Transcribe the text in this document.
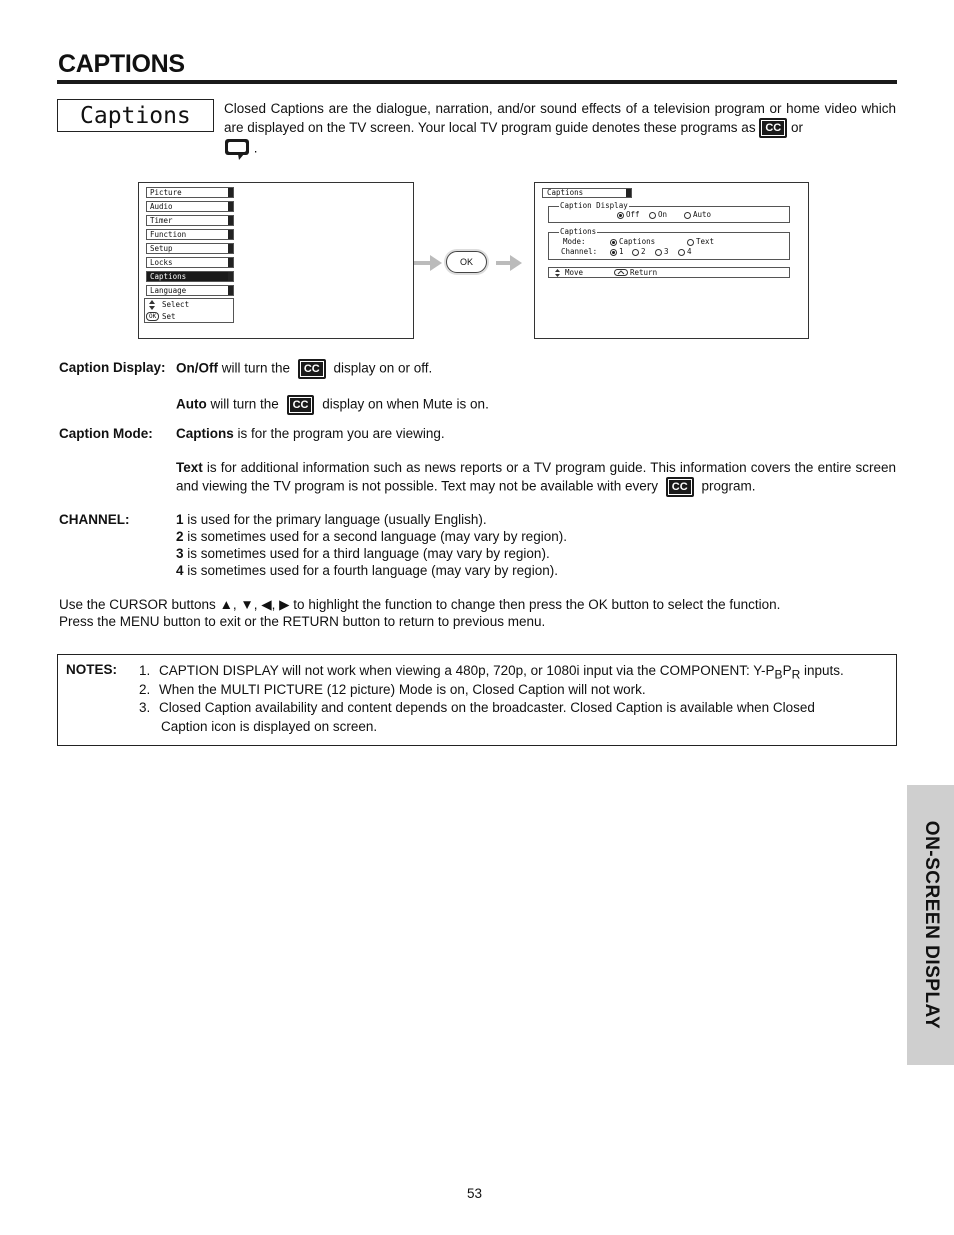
CAPTIONS
Captions	Closed Captions are the dialogue, narration, and/or sound effects of a television program or home video which are displayed on the TV screen. Your local TV program guide denotes these programs as CC or
.
Picture
Audio
Timer
Function
Setup
Locks
Captions
Language
Select
OK Set
OK
Captions
Caption Display
Off	On	Auto
Captions
Mode:	Captions	Text
Channel:	1	2	3	4
Move	Return
Caption Display: On/Off will turn the CC display on or off.
Auto will turn the CC display on when Mute is on.
Caption Mode: Captions is for the program you are viewing.
Text is for additional information such as news reports or a TV program guide. This information covers the entire screen and viewing the TV program is not possible. Text may not be available with every CC program.
CHANNEL:	1 is used for the primary language (usually English).
2 is sometimes used for a second language (may vary by region).
3 is sometimes used for a third language (may vary by region).
4 is sometimes used for a fourth language (may vary by region).
Use the CURSOR buttons ▲, ▼, ◀, ▶ to highlight the function to change then press the OK button to select the function.
Press the MENU button to exit or the RETURN button to return to previous menu.
NOTES: 1. CAPTION DISPLAY will not work when viewing a 480p, 720p, or 1080i input via the COMPONENT: $Y-P_BP_R$ inputs.
2. When the MULTI PICTURE (12 picture) Mode is on, Closed Caption will not work.
3. Closed Caption availability and content depends on the broadcaster. Closed Caption is available when Closed
Caption icon is displayed on screen.
ON-SCREEN DISPLAY
53
